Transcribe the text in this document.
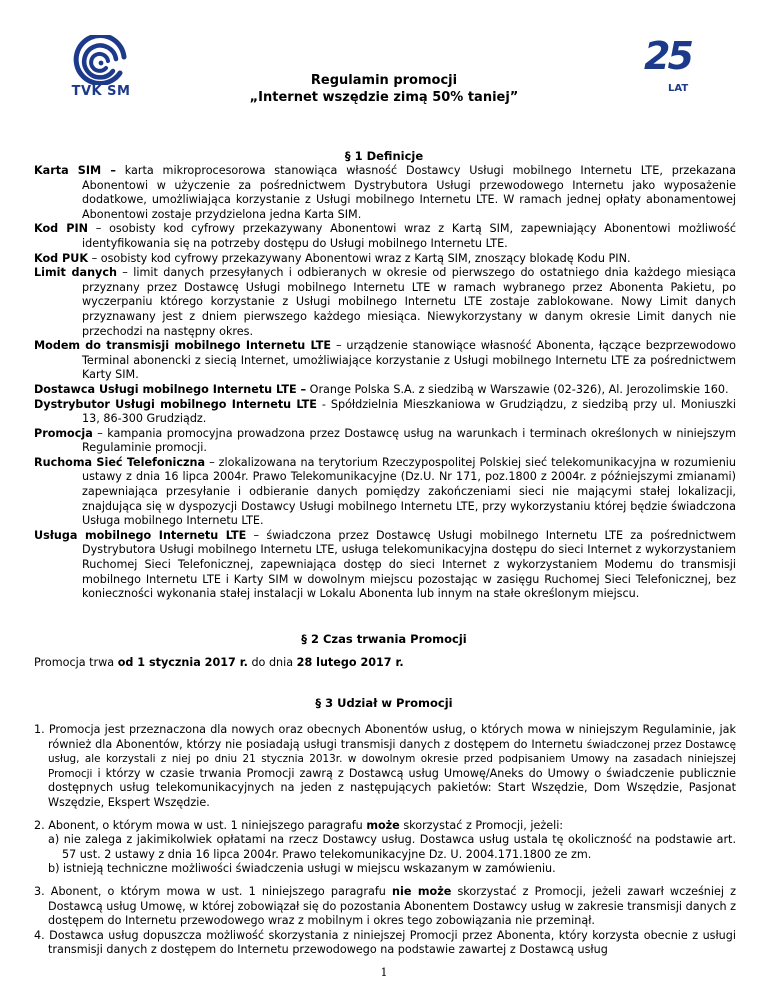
TVK SM
25
LAT
Regulamin promocji
„Internet wszędzie zimą 50% taniej”
§ 1 Definicje
Karta SIM – karta mikroprocesorowa stanowiąca własność Dostawcy Usługi mobilnego Internetu LTE, przekazana Abonentowi w użyczenie za pośrednictwem Dystrybutora Usługi przewodowego Internetu jako wyposażenie dodatkowe, umożliwiająca korzystanie z Usługi mobilnego Internetu LTE. W ramach jednej opłaty abonamentowej Abonentowi zostaje przydzielona jedna Karta SIM.
Kod PIN – osobisty kod cyfrowy przekazywany Abonentowi wraz z Kartą SIM, zapewniający Abonentowi możliwość identyfikowania się na potrzeby dostępu do Usługi mobilnego Internetu LTE.
Kod PUK – osobisty kod cyfrowy przekazywany Abonentowi wraz z Kartą SIM, znoszący blokadę Kodu PIN.
Limit danych – limit danych przesyłanych i odbieranych w okresie od pierwszego do ostatniego dnia każdego miesiąca przyznany przez Dostawcę Usługi mobilnego Internetu LTE w ramach wybranego przez Abonenta Pakietu, po wyczerpaniu którego korzystanie z Usługi mobilnego Internetu LTE zostaje zablokowane. Nowy Limit danych przyznawany jest z dniem pierwszego każdego miesiąca. Niewykorzystany w danym okresie Limit danych nie przechodzi na następny okres.
Modem do transmisji mobilnego Internetu LTE – urządzenie stanowiące własność Abonenta, łączące bezprzewodowo Terminal abonencki z siecią Internet, umożliwiające korzystanie z Usługi mobilnego Internetu LTE za pośrednictwem Karty SIM.
Dostawca Usługi mobilnego Internetu LTE – Orange Polska S.A. z siedzibą w Warszawie (02-326), Al. Jerozolimskie 160.
Dystrybutor Usługi mobilnego Internetu LTE - Spółdzielnia Mieszkaniowa w Grudziądzu, z siedzibą przy ul. Moniuszki 13, 86-300 Grudziądz.
Promocja – kampania promocyjna prowadzona przez Dostawcę usług na warunkach i terminach określonych w niniejszym Regulaminie promocji.
Ruchoma Sieć Telefoniczna – zlokalizowana na terytorium Rzeczypospolitej Polskiej sieć telekomunikacyjna w rozumieniu ustawy z dnia 16 lipca 2004r. Prawo Telekomunikacyjne (Dz.U. Nr 171, poz.1800 z 2004r. z późniejszymi zmianami) zapewniająca przesyłanie i odbieranie danych pomiędzy zakończeniami sieci nie mającymi stałej lokalizacji, znajdująca się w dyspozycji Dostawcy Usługi mobilnego Internetu LTE, przy wykorzystaniu której będzie świadczona Usługa mobilnego Internetu LTE.
Usługa mobilnego Internetu LTE – świadczona przez Dostawcę Usługi mobilnego Internetu LTE za pośrednictwem Dystrybutora Usługi mobilnego Internetu LTE, usługa telekomunikacyjna dostępu do sieci Internet z wykorzystaniem Ruchomej Sieci Telefonicznej, zapewniająca dostęp do sieci Internet z wykorzystaniem Modemu do transmisji mobilnego Internetu LTE i Karty SIM w dowolnym miejscu pozostając w zasięgu Ruchomej Sieci Telefonicznej, bez konieczności wykonania stałej instalacji w Lokalu Abonenta lub innym na stałe określonym miejscu.
§ 2 Czas trwania Promocji
Promocja trwa od 1 stycznia 2017 r. do dnia 28 lutego 2017 r.
§ 3 Udział w Promocji
1. Promocja jest przeznaczona dla nowych oraz obecnych Abonentów usług, o których mowa w niniejszym Regulaminie, jak również dla Abonentów, którzy nie posiadają usługi transmisji danych z dostępem do Internetu świadczonej przez Dostawcę usług, ale korzystali z niej po dniu 21 stycznia 2013r. w dowolnym okresie przed podpisaniem Umowy na zasadach niniejszej Promocji i którzy w czasie trwania Promocji zawrą z Dostawcą usług Umowę/Aneks do Umowy o świadczenie publicznie dostępnych usług telekomunikacyjnych na jeden z następujących pakietów: Start Wszędzie, Dom Wszędzie, Pasjonat Wszędzie, Ekspert Wszędzie.
2. Abonent, o którym mowa w ust. 1 niniejszego paragrafu może skorzystać z Promocji, jeżeli:
a) nie zalega z jakimikolwiek opłatami na rzecz Dostawcy usług. Dostawca usług ustala tę okoliczność na podstawie art. 57 ust. 2 ustawy z dnia 16 lipca 2004r. Prawo telekomunikacyjne Dz. U. 2004.171.1800 ze zm.
b) istnieją techniczne możliwości świadczenia usługi w miejscu wskazanym w zamówieniu.
3. Abonent, o którym mowa w ust. 1 niniejszego paragrafu nie może skorzystać z Promocji, jeżeli zawarł wcześniej z Dostawcą usług Umowę, w której zobowiązał się do pozostania Abonentem Dostawcy usług w zakresie transmisji danych z dostępem do Internetu przewodowego wraz z mobilnym i okres tego zobowiązania nie przeminął.
4. Dostawca usług dopuszcza możliwość skorzystania z niniejszej Promocji przez Abonenta, który korzysta obecnie z usługi transmisji danych z dostępem do Internetu przewodowego na podstawie zawartej z Dostawcą usług
1
